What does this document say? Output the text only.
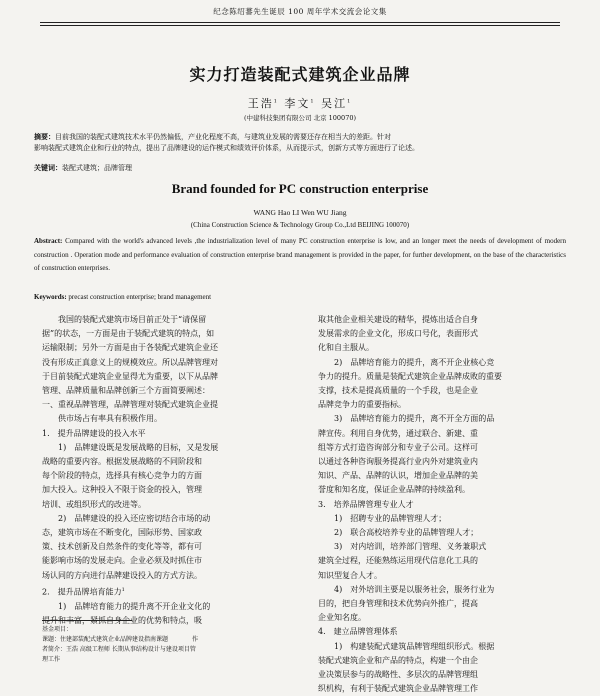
纪念陈绍蕃先生诞辰 100 周年学术交流会论文集
实力打造装配式建筑企业品牌
王浩$^1$ 李文$^1$ 吴江$^1$
(中建科技集团有限公司 北京 100070)
摘要：目前我国的装配式建筑技术水平仍然偏低，产业化程度不高，与建筑业发展的需要还存在相当大的差距。针对
影响装配式建筑企业和行业的特点，提出了品牌建设的运作模式和绩效评价体系，从而提示式，创新方式等方面进行了论述。
关键词：装配式建筑；品牌管理
Brand founded for PC construction enterprise
WANG Hao LI Wen WU Jiang
(China Construction Science & Technology Group Co.,Ltd BEIJING 100070)
Abstract: Compared with the world's advanced levels ,the industrialization level of many PC construction enterprise is low, and an longer meet the needs of development of modern construction . Operation mode and performance evaluation of construction enterprise brand management is provided in the paper, for further development, on the base of the characteristics of construction enterprises.
Keywords: precast construction enterprise; brand management

我国的装配式建筑市场目前正处于“请保留

据”的状态，一方面是由于装配式建筑的特点，如

运输限制；另外一方面是由于各装配式建筑企业还

没有形成正真意义上的规模效应。所以品牌管理对

于目前装配式建筑企业显得尤为重要，以下从品牌

管理、品牌质量和品牌创新三个方面简要阐述：

一、重视品牌管理，品牌管理对装配式建筑企业提

供市场占有率具有积极作用。

1.　提升品牌建设的投入水平

1)　品牌建设既是发展战略的目标，又是发展

战略的重要内容。根据发展战略的不同阶段和

每个阶段的特点，选择具有核心竞争力的方面

加大投入。这种投入不限于资金的投入，管理

培训、或组织形式的改进等。

2)　品牌建设的投入还应密切结合市场的动

态，建筑市场在不断变化，国际形势、国家政

策、技术创新及自然条件的变化等等，都有可

能影响市场的发展走向。企业必须及时抓住市

场认同的方向进行品牌建设投入的方式方法。

2.　提升品牌培育能力$^1$

1)　品牌培育能力的提升离不开企业文化的

提升和丰富，紧抓自身企业的优势和特点，吸

取其他企业相关建设的精华，提炼出适合自身

发展需求的企业文化，形成口号化，表面形式

化和自主服从。

2)　品牌培育能力的提升，离不开企业核心竞

争力的提升。质量是装配式建筑企业品牌成败的重要

支撑，技术是提高质量的一个手段，也是企业

品牌竞争力的重要指标。

3)　品牌培育能力的提升，离不开全方面的品

牌宣传。利用自身优势，通过联合、新建、重

组等方式打造咨询部分和专业子公司。这样可

以通过各种咨询服务提高行业内外对建筑业内

知识、产品、品牌的认识，增加企业品牌的美

誉度和知名度，保证企业品牌的持续盈利。

3.　培养品牌管理专业人才

1)　招聘专业的品牌管理人才；

2)　联合高校培养专业的品牌管理人才；

3)　对内培训，培养部门管理、义务兼职式

建筑全过程，还能熟练运用现代信息化工具的

知识型复合人才。

4)　对外培训主要是以服务社会，服务行业为

目的，把自身管理和技术优势向外推广，提高

企业知名度。

4.　建立品牌管理体系

1)　构建装配式建筑品牌管理组织形式。根据

装配式建筑企业和产品的特点，构建一个由企

业决策层参与的战略性、多层次的品牌管理组

织机构，有利于装配式建筑企业品牌管理工作

基金项目：
课题：住建部装配式建筑企业品牌建设指南课题　　　　作
者简介：王浩 高级工程师 长期从事结构设计与建设项目管
理工作
